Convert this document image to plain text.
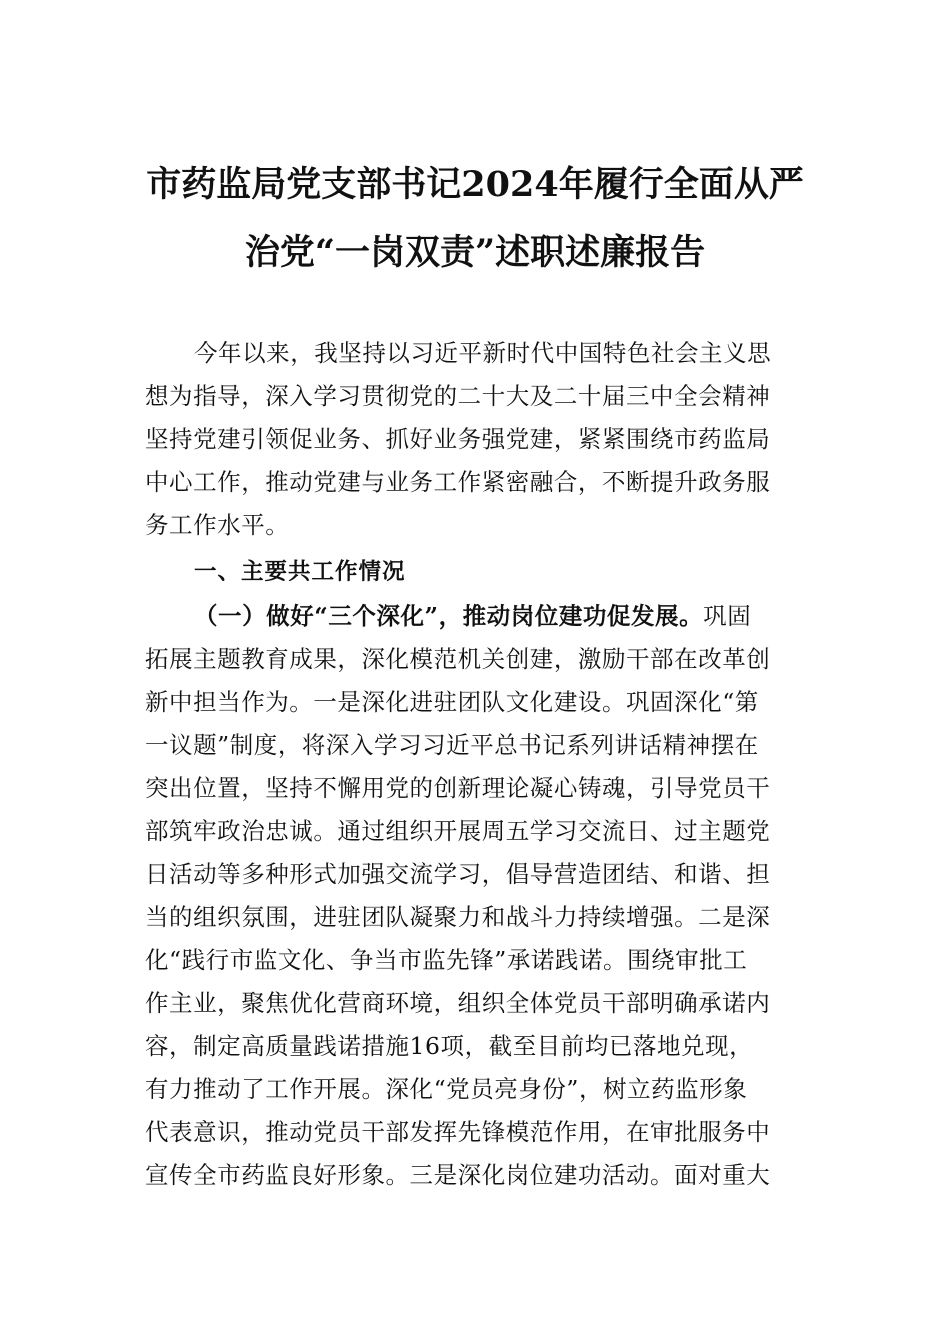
市药监局党支部书记2024年履行全面从严
治党“一岗双责”述职述廉报告
今年以来，我坚持以习近平新时代中国特色社会主义思
想为指导，深入学习贯彻党的二十大及二十届三中全会精神
坚持党建引领促业务、抓好业务强党建，紧紧围绕市药监局
中心工作，推动党建与业务工作紧密融合，不断提升政务服
务工作水平。
一、主要共工作情况
（一）做好“三个深化”，推动岗位建功促发展。巩固
拓展主题教育成果，深化模范机关创建，激励干部在改革创
新中担当作为。一是深化进驻团队文化建设。巩固深化“第
一议题”制度，将深入学习习近平总书记系列讲话精神摆在
突出位置，坚持不懈用党的创新理论凝心铸魂，引导党员干
部筑牢政治忠诚。通过组织开展周五学习交流日、过主题党
日活动等多种形式加强交流学习，倡导营造团结、和谐、担
当的组织氛围，进驻团队凝聚力和战斗力持续增强。二是深
化“践行市监文化、争当市监先锋”承诺践诺。围绕审批工
作主业，聚焦优化营商环境，组织全体党员干部明确承诺内
容，制定高质量践诺措施16项，截至目前均已落地兑现，
有力推动了工作开展。深化“党员亮身份”，树立药监形象
代表意识，推动党员干部发挥先锋模范作用，在审批服务中
宣传全市药监良好形象。三是深化岗位建功活动。面对重大
